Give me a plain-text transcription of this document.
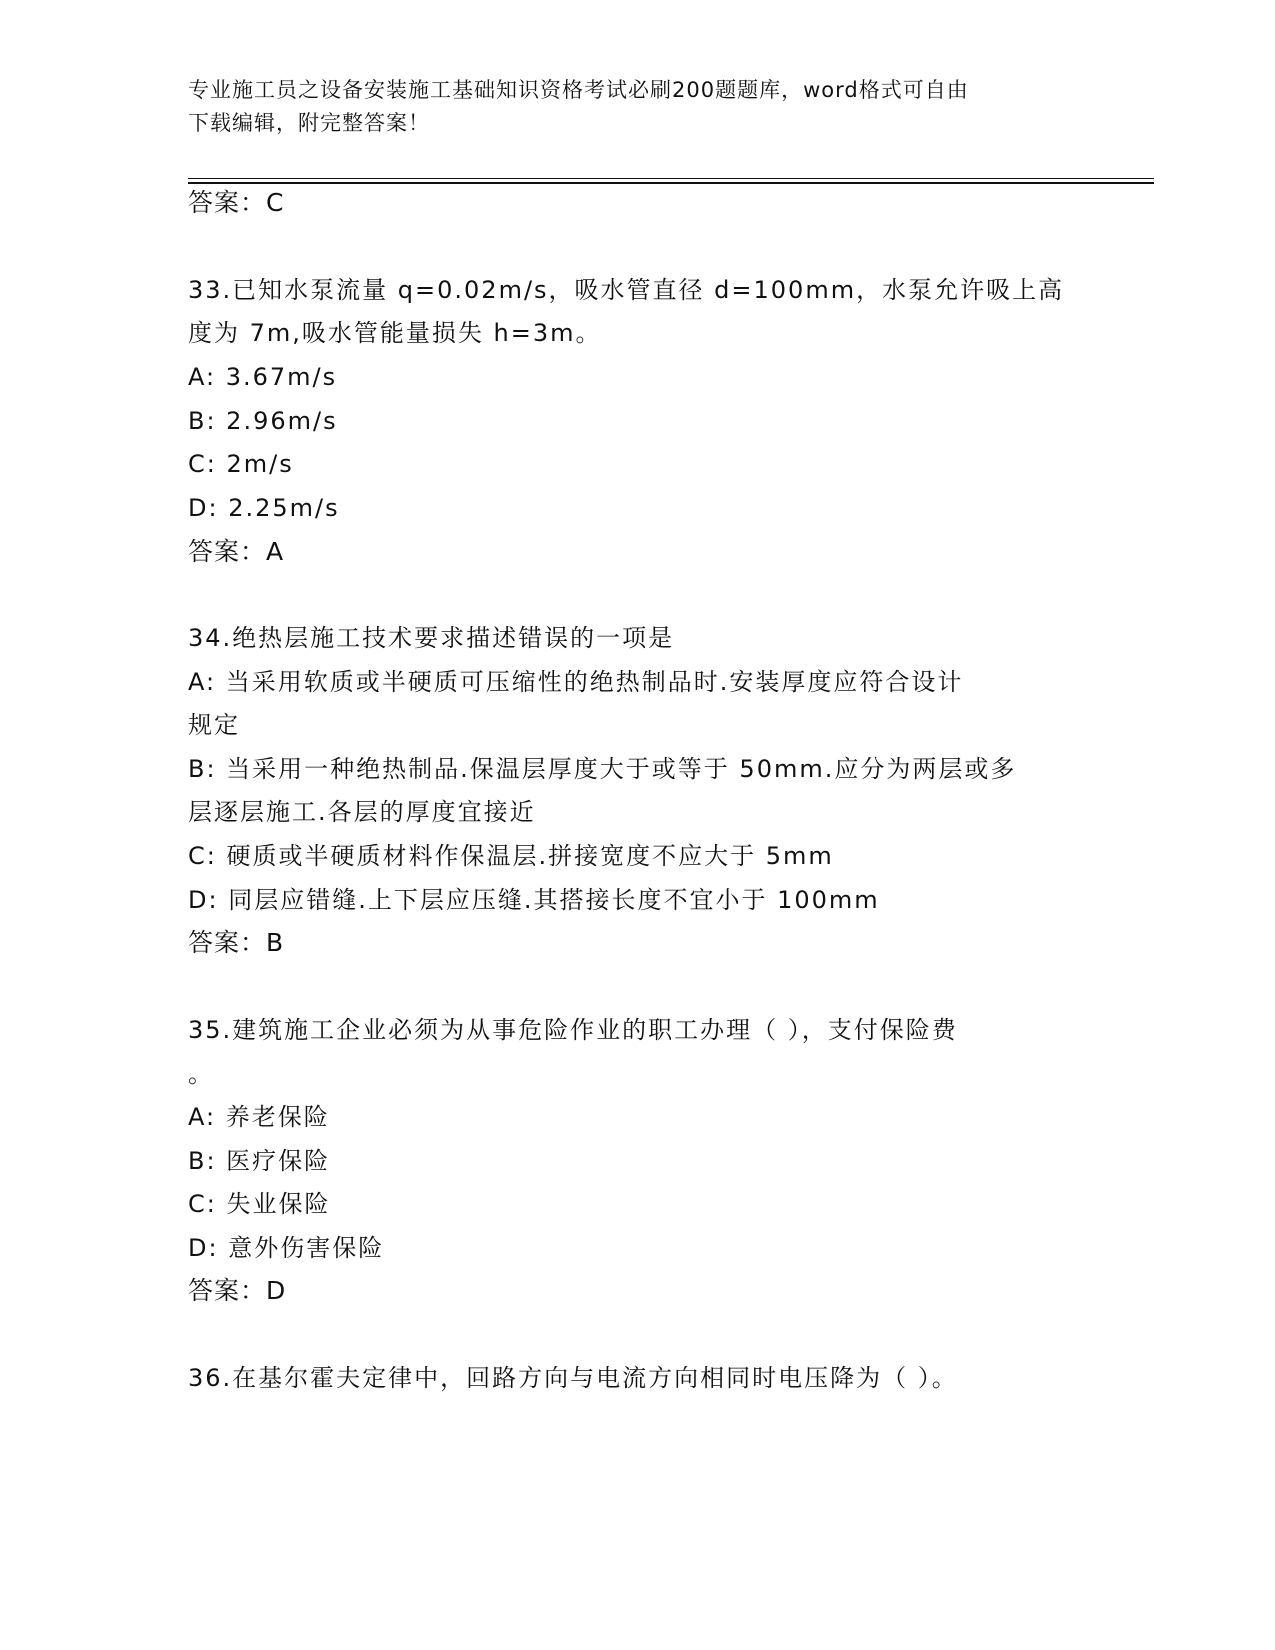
专业施工员之设备安装施工基础知识资格考试必刷200题题库，word格式可自由
下载编辑，附完整答案！
答案：C
33.已知水泵流量 q=0.02m/s，吸水管直径 d=100mm，水泵允许吸上高
度为 7m,吸水管能量损失 h=3m。
A: 3.67m/s
B: 2.96m/s
C: 2m/s
D: 2.25m/s
答案：A
34.绝热层施工技术要求描述错误的一项是
A: 当采用软质或半硬质可压缩性的绝热制品时.安装厚度应符合设计
规定
B: 当采用一种绝热制品.保温层厚度大于或等于 50mm.应分为两层或多
层逐层施工.各层的厚度宜接近
C: 硬质或半硬质材料作保温层.拼接宽度不应大于 5mm
D: 同层应错缝.上下层应压缝.其搭接长度不宜小于 100mm
答案：B
35.建筑施工企业必须为从事危险作业的职工办理（ ），支付保险费
。
A: 养老保险
B: 医疗保险
C: 失业保险
D: 意外伤害保险
答案：D
36.在基尔霍夫定律中，回路方向与电流方向相同时电压降为（ ）。
